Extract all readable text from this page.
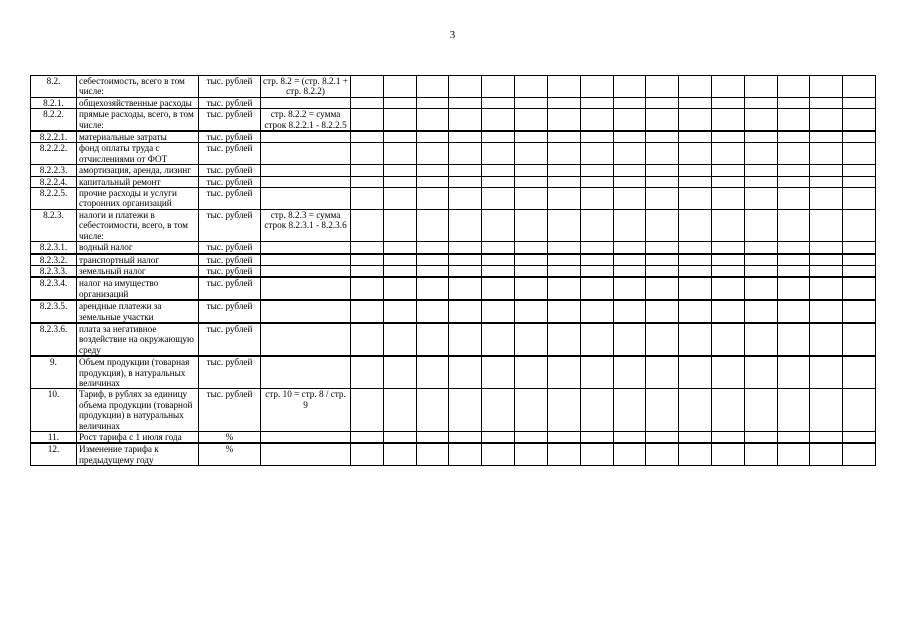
3
8.2.	себестоимость, всего в том числе:	тыс. рублей	стр. 8.2 = (стр. 8.2.1 + стр. 8.2.2)																
8.2.1.	общехозяйственные расходы	тыс. рублей																	
8.2.2.	прямые расходы, всего, в том числе:	тыс. рублей	стр. 8.2.2 = сумма строк 8.2.2.1 - 8.2.2.5																
8.2.2.1.	материальные затраты	тыс. рублей																	
8.2.2.2.	фонд оплаты труда с отчислениями от ФОТ	тыс. рублей																	
8.2.2.3.	амортизация, аренда, лизинг	тыс. рублей																	
8.2.2.4.	капитальный ремонт	тыс. рублей																	
8.2.2.5.	прочие расходы и услуги сторонних организаций	тыс. рублей																	
8.2.3.	налоги и платежи в себестоимости, всего, в том числе:	тыс. рублей	стр. 8.2.3 = сумма строк 8.2.3.1 - 8.2.3.6																
8.2.3.1.	водный налог	тыс. рублей																	
8.2.3.2.	транспортный налог	тыс. рублей																	
8.2.3.3.	земельный налог	тыс. рублей																	
8.2.3.4.	налог на имущество организаций	тыс. рублей																	
8.2.3.5.	арендные платежи за земельные участки	тыс. рублей																	
8.2.3.6.	плата за негативное воздействие на окружающую среду	тыс. рублей																	
9.	Объем продукции (товарная продукция), в натуральных величинах	тыс. рублей																	
10.	Тариф, в рублях за единицу объема продукции (товарной продукции) в натуральных величинах	тыс. рублей	стр. 10 = стр. 8 / стр. 9																
11.	Рост тарифа с 1 июля года	%																	
12.	Изменение тарифа к предыдущему году	%																	
